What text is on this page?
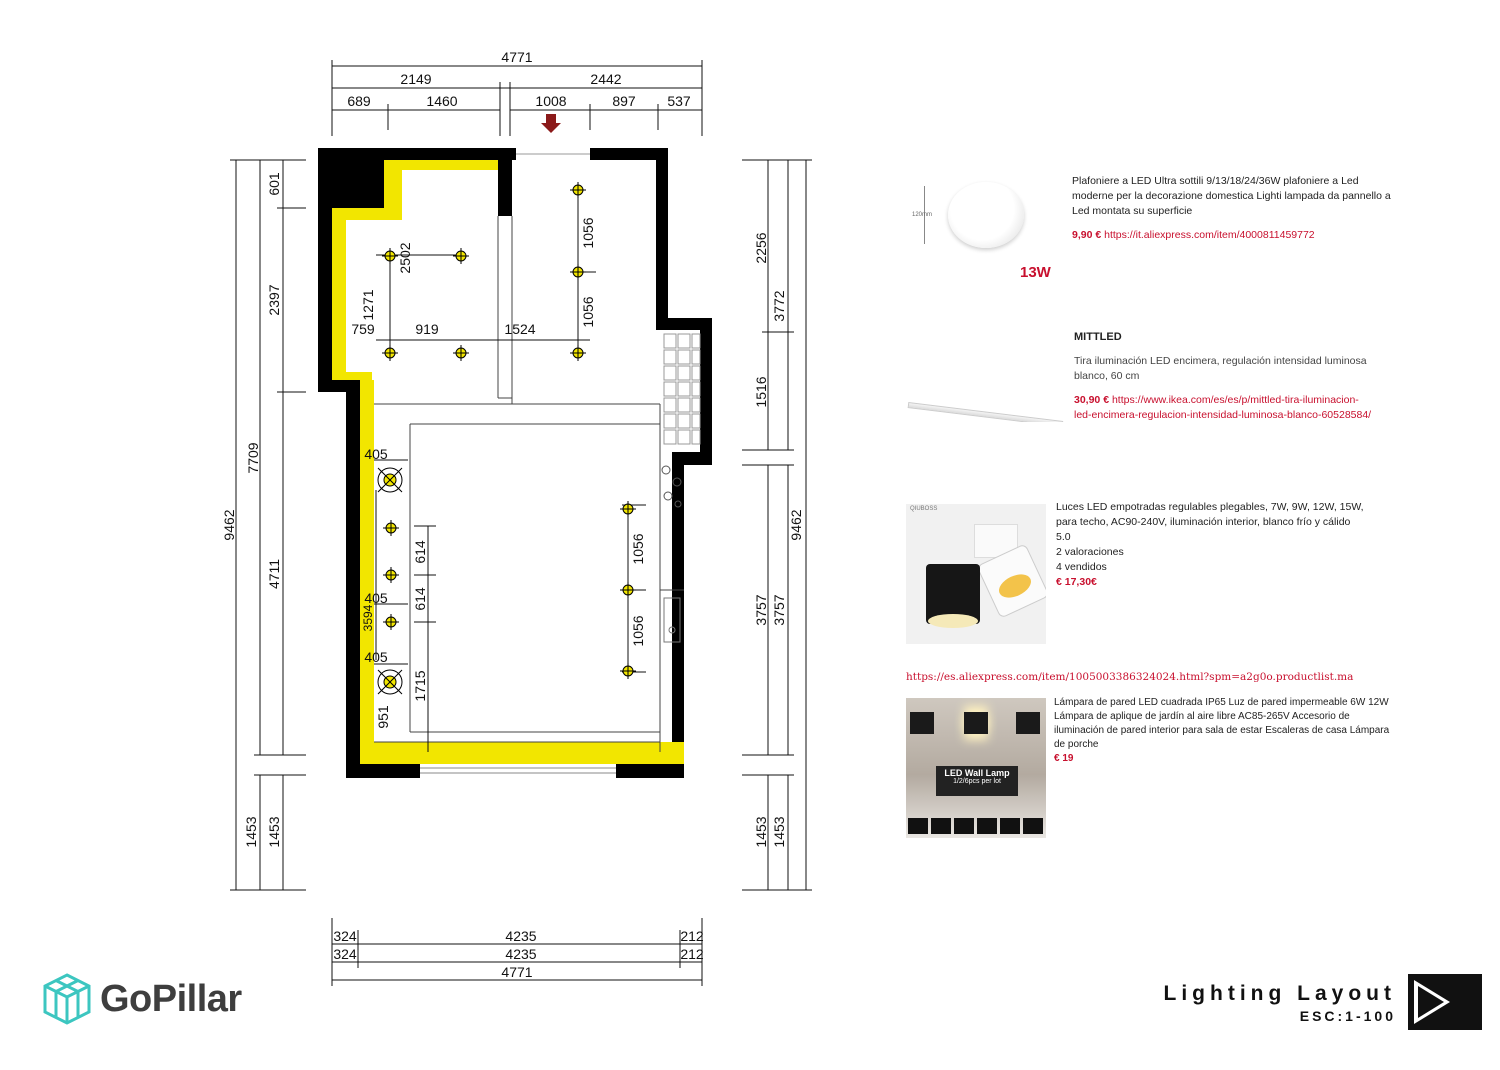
4771
2149	2442
689	1460	1008	897 537
9462
7709
601
2397
4711
1453 1453
2256
3772
1516
9462
3757 3757
1453 1453
324	4235	212
324	4235	212
4771
2502
1271
759	919	1524
1056
1056
405
405
405
614
614
3594
1715
951
1056
1056
120mm
13W
Plafoniere a LED Ultra sottili 9/13/18/24/36W plafoniere a Led moderne per la decorazione domestica Lighti lampada da pannello a Led montata su superficie
9,90 € https://it.aliexpress.com/item/4000811459772
MITTLED
Tira iluminación LED encimera, regulación intensidad luminosa blanco, 60 cm
30,90 € https://www.ikea.com/es/es/p/mittled-tira-iluminacion-led-encimera-regulacion-intensidad-luminosa-blanco-60528584/
QIUBOSS	Luces LED empotradas regulables plegables, 7W, 9W, 12W, 15W, para techo, AC90-240V, iluminación interior, blanco frío y cálido
5.0
2 valoraciones
4 vendidos
€ 17,30€
https://es.aliexpress.com/item/1005003386324024.html?spm=a2g0o.productlist.ma
LED Wall Lamp
1/2/6pcs per lot
Lámpara de pared LED cuadrada IP65 Luz de pared impermeable 6W 12W Lámpara de aplique de jardín al aire libre AC85-265V Accesorio de iluminación de pared interior para sala de estar Escaleras de casa Lámpara de porche
€ 19
GoPillar	Lighting Layout
ESC:1-100
